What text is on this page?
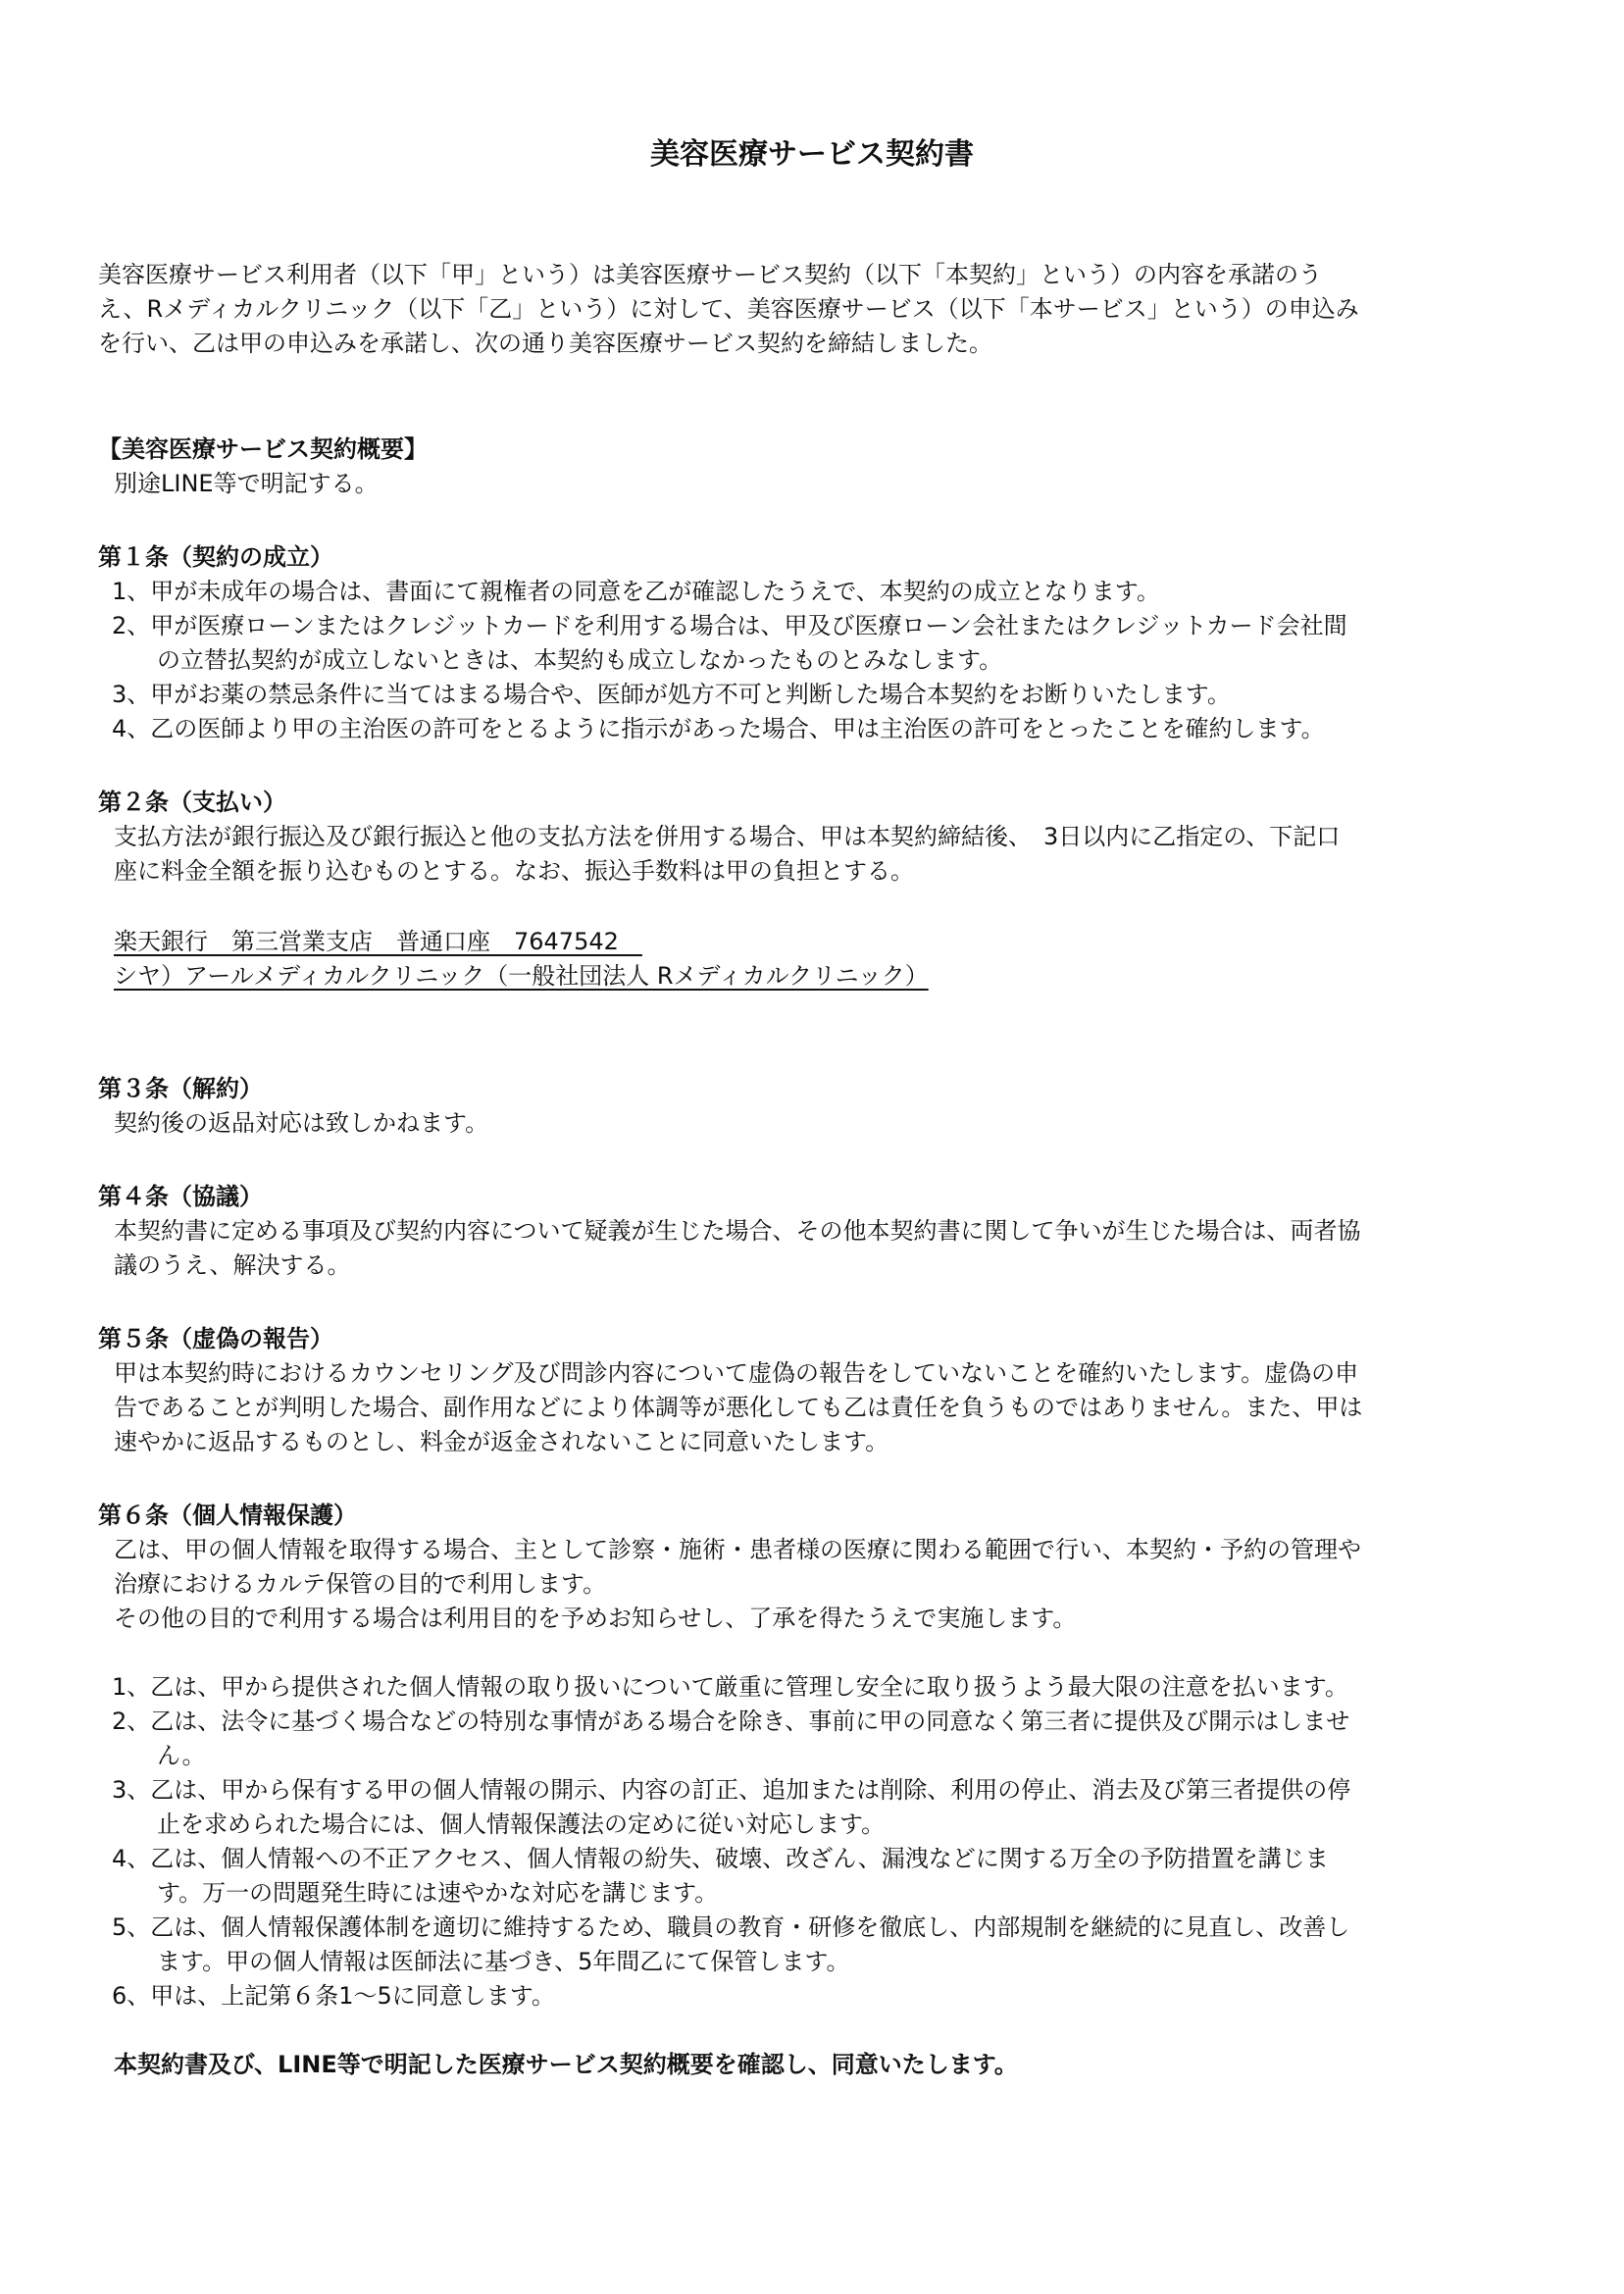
美容医療サービス契約書
美容医療サービス利用者（以下「甲」という）は美容医療サービス契約（以下「本契約」という）の内容を承諾のう
え、Rメディカルクリニック（以下「乙」という）に対して、美容医療サービス（以下「本サービス」という）の申込み
を行い、乙は甲の申込みを承諾し、次の通り美容医療サービス契約を締結しました。
【美容医療サービス契約概要】
別途LINE等で明記する。
第１条（契約の成立）
1、甲が未成年の場合は、書面にて親権者の同意を乙が確認したうえで、本契約の成立となります。
2、甲が医療ローンまたはクレジットカードを利用する場合は、甲及び医療ローン会社またはクレジットカード会社間
の立替払契約が成立しないときは、本契約も成立しなかったものとみなします。
3、甲がお薬の禁忌条件に当てはまる場合や、医師が処方不可と判断した場合本契約をお断りいたします。
4、乙の医師より甲の主治医の許可をとるように指示があった場合、甲は主治医の許可をとったことを確約します。
第２条（支払い）
支払方法が銀行振込及び銀行振込と他の支払方法を併用する場合、甲は本契約締結後、　3日以内に乙指定の、下記口
座に料金全額を振り込むものとする。なお、振込手数料は甲の負担とする。
楽天銀行　第三営業支店　普通口座　7647542　
シヤ）アールメディカルクリニック（一般社団法人 Rメディカルクリニック）
第３条（解約）
契約後の返品対応は致しかねます。
第４条（協議）
本契約書に定める事項及び契約内容について疑義が生じた場合、その他本契約書に関して争いが生じた場合は、両者協
議のうえ、解決する。
第５条（虚偽の報告）
甲は本契約時におけるカウンセリング及び問診内容について虚偽の報告をしていないことを確約いたします。虚偽の申
告であることが判明した場合、副作用などにより体調等が悪化しても乙は責任を負うものではありません。また、甲は
速やかに返品するものとし、料金が返金されないことに同意いたします。
第６条（個人情報保護）
乙は、甲の個人情報を取得する場合、主として診察・施術・患者様の医療に関わる範囲で行い、本契約・予約の管理や
治療におけるカルテ保管の目的で利用します。
その他の目的で利用する場合は利用目的を予めお知らせし、了承を得たうえで実施します。
1、乙は、甲から提供された個人情報の取り扱いについて厳重に管理し安全に取り扱うよう最大限の注意を払います。
2、乙は、法令に基づく場合などの特別な事情がある場合を除き、事前に甲の同意なく第三者に提供及び開示はしませ
ん。
3、乙は、甲から保有する甲の個人情報の開示、内容の訂正、追加または削除、利用の停止、消去及び第三者提供の停
止を求められた場合には、個人情報保護法の定めに従い対応します。
4、乙は、個人情報への不正アクセス、個人情報の紛失、破壊、改ざん、漏洩などに関する万全の予防措置を講じま
す。万一の問題発生時には速やかな対応を講じます。
5、乙は、個人情報保護体制を適切に維持するため、職員の教育・研修を徹底し、内部規制を継続的に見直し、改善し
ます。甲の個人情報は医師法に基づき、5年間乙にて保管します。
6、甲は、上記第６条1～5に同意します。
本契約書及び、LINE等で明記した医療サービス契約概要を確認し、同意いたします。
